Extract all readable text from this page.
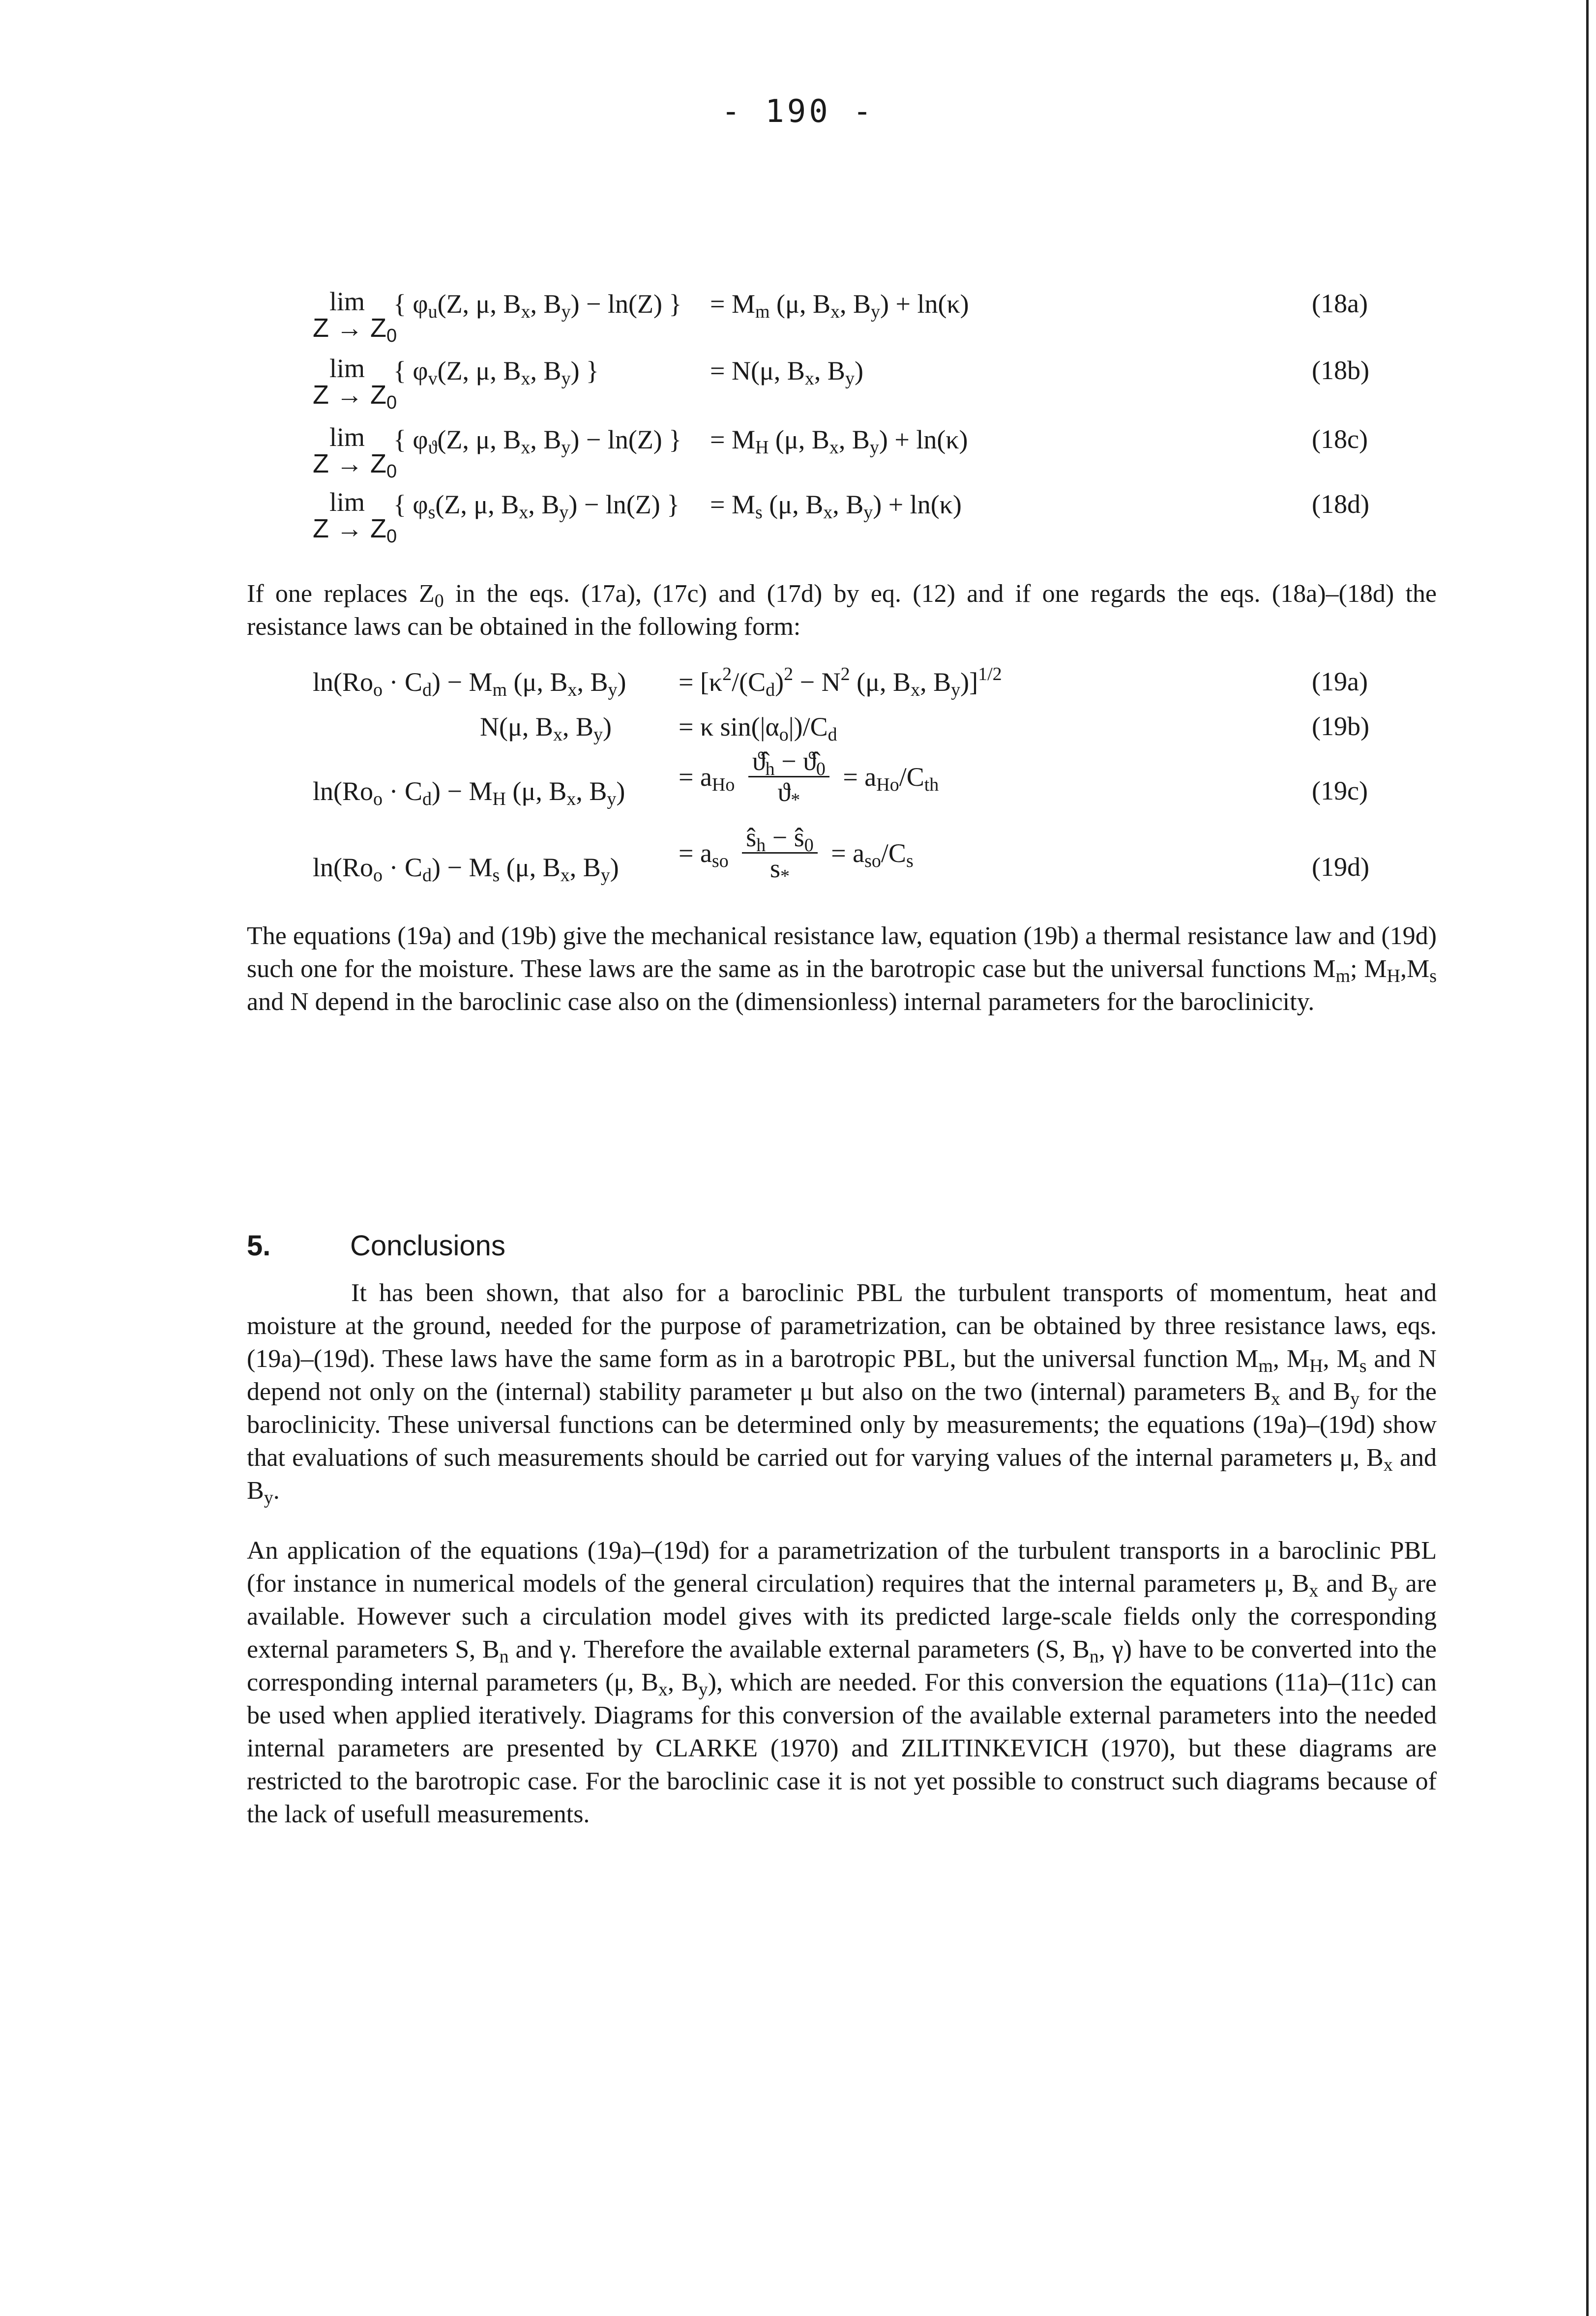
- 190 -
lim
$Z \to Z_0$
{ $\varphi_u(Z$, μ, $B_x$, $B_y) - \ln(Z)$ } = $M_m$ (μ, $B_x$, $B_y) + \ln(\kappa)$	(18a)
lim
$Z \to Z_0$
{ $\varphi_v(Z$, μ, $B_x$, $B_y$) }	= N(μ, $B_x$, $B_y$)	(18b)
lim
$Z \to Z_0$
{ $\varphi_ϑ(Z$, μ, $B_x$, $B_y) - \ln(Z)$ } = $M_H$ (μ, $B_x$, $B_y) + \ln(\kappa)$	(18c)
lim
$Z \to Z_0$
{ $\varphi_s(Z$, μ, $B_x$, $B_y) - \ln(Z)$ } = $M_s$ (μ, $B_x$, $B_y) + \ln(\kappa)$	(18d)

If one replaces $Z_0$ in the eqs. (17a), (17c) and (17d) by eq. (12) and if one regards the eqs. (18a)–(18d) the resistance laws can be obtained in the following form:

$\ln(Ro_o \cdot C_d) - M_m$ (μ, $B_x$, $B_y) = [\kappa^2/(C_d)^2 - N^2$ (μ, $B_x$, $B_y)]^{1/2}$	(19a)
N(μ, $B_x$, $B_y$)	= κ $\sin(|\alpha_o|)/C_d$	(19b)
$\ln(Ro_o \cdot C_d) - M_H$ (μ, $B_x$, $B_y) = a_{Ho} \frac{ϑ̂_h - ϑ̂_0}{ϑ_*} = a_{Ho}/C_{th}$	(19c)
$\ln(Ro_o \cdot C_d) - M_s$ (μ, $B_x$, $B_y) = a_{so} \frac{ŝ_h - ŝ_0}{s_*} = a_{so}/C_s$	(19d)

The equations (19a) and (19b) give the mechanical resistance law, equation (19b) a thermal resistance law and (19d) such one for the moisture. These laws are the same as in the barotropic case but the universal functions $M_m$; $M_H,M_s$ and N depend in the baroclinic case also on the (dimensionless) internal parameters for the baroclinicity.

5.	Conclusions

It has been shown, that also for a baroclinic PBL the turbulent transports of momentum, heat and moisture at the ground, needed for the purpose of parametrization, can be obtained by three resistance laws, eqs. (19a)–(19d). These laws have the same form as in a barotropic PBL, but the universal function $M_m$, $M_H$, $M_s$ and N depend not only on the (internal) stability parameter μ but also on the two (internal) parameters $B_x$ and $B_y$ for the baroclinicity. These universal functions can be determined only by measurements; the equations (19a)–(19d) show that evaluations of such measurements should be carried out for varying values of the internal parameters μ, $B_x$ and $B_y$.

An application of the equations (19a)–(19d) for a parametrization of the turbulent transports in a baroclinic PBL (for instance in numerical models of the general circulation) requires that the internal parameters μ, $B_x$ and $B_y$ are available. However such a circulation model gives with its predicted large-scale fields only the corresponding external parameters S, $B_n$ and γ. Therefore the available external parameters (S, $B_n$, γ) have to be converted into the corresponding internal parameters (μ, $B_x$, $B_y$), which are needed. For this conversion the equations (11a)–(11c) can be used when applied iteratively. Diagrams for this conversion of the available external parameters into the needed internal parameters are presented by CLARKE (1970) and ZILITINKEVICH (1970), but these diagrams are restricted to the barotropic case. For the baroclinic case it is not yet possible to construct such diagrams because of the lack of usefull measurements.
